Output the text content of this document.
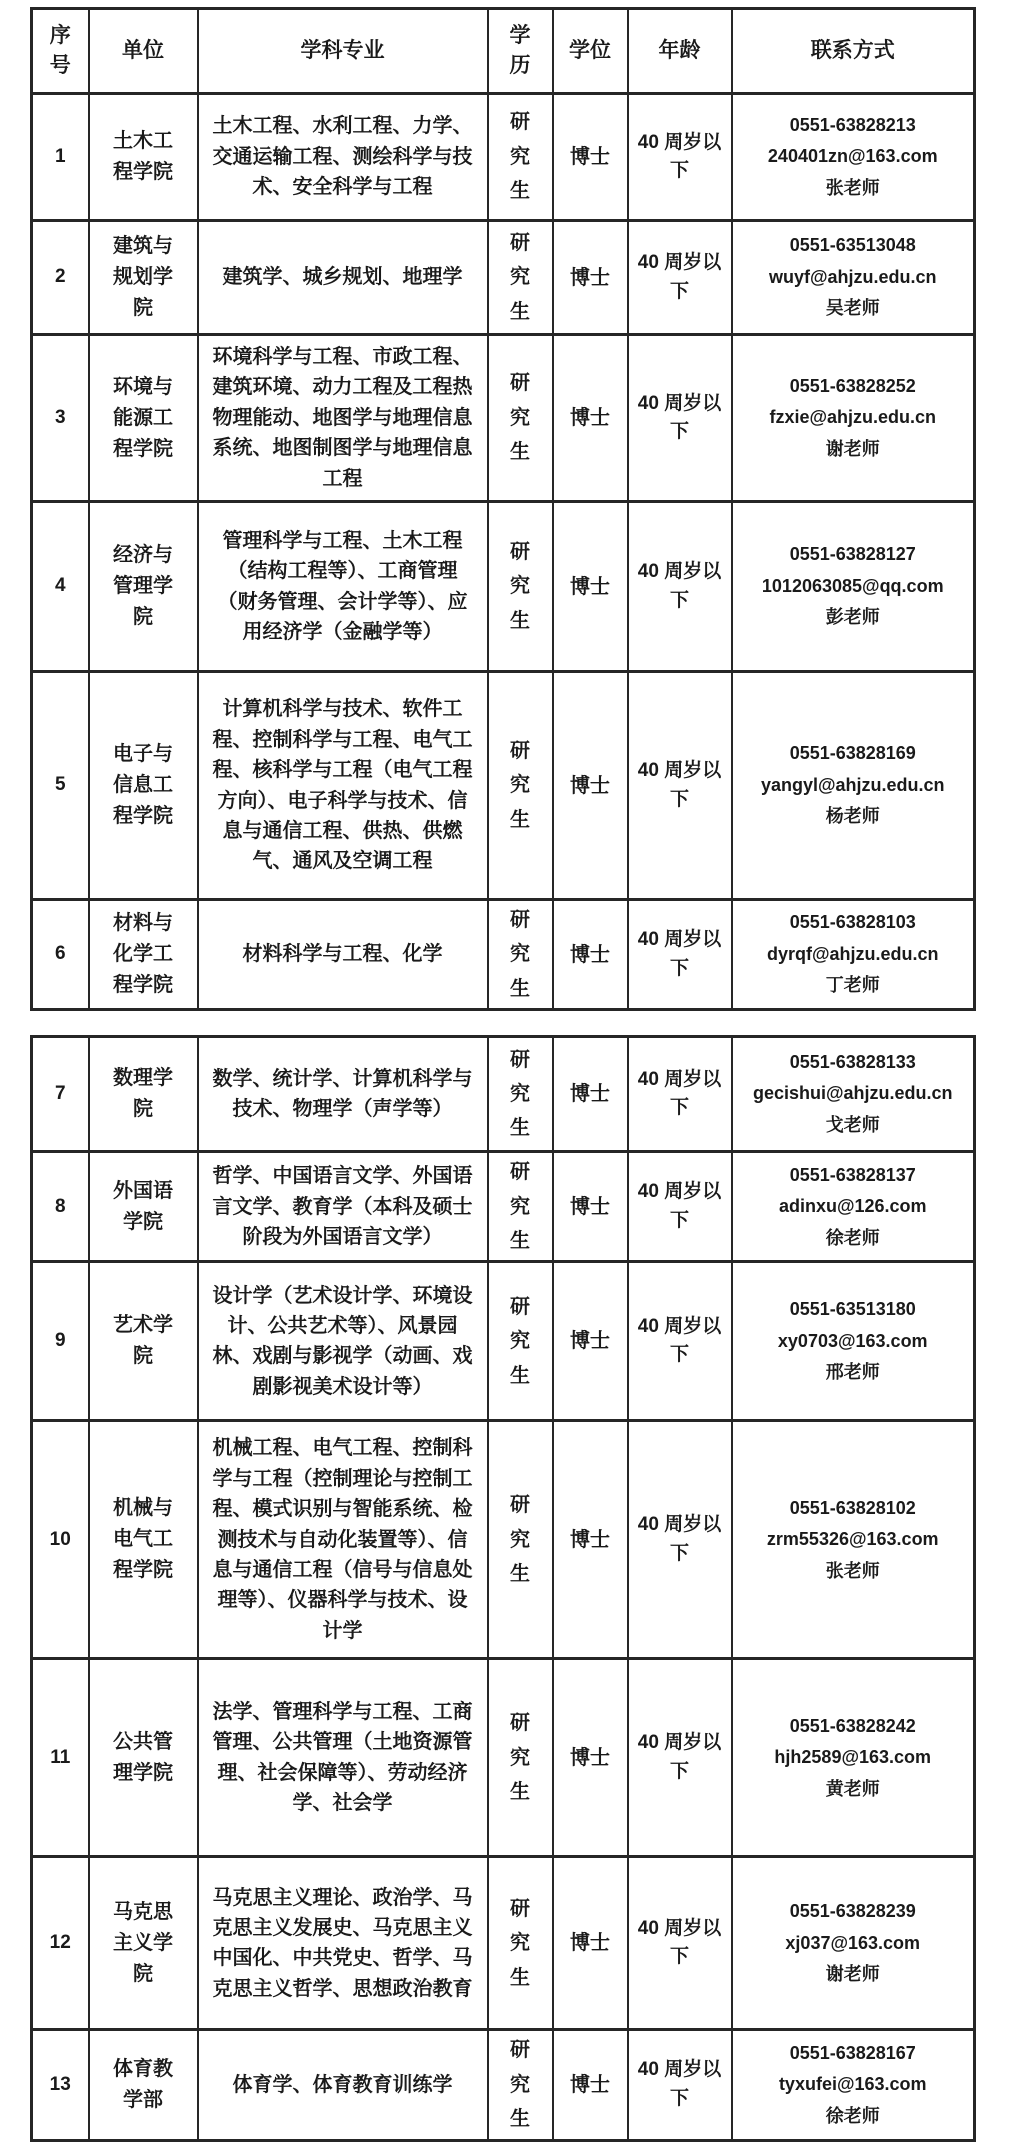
序号	单位	学科专业	学历	学位	年龄	联系方式
1	土木工程学院	土木工程、水利工程、力学、交通运输工程、测绘科学与技术、安全科学与工程	研究生	博士	40 周岁以下	0551-63828213
240401zn@163.com
张老师

2	建筑与规划学院	建筑学、城乡规划、地理学	研究生	博士	40 周岁以下	0551-63513048
wuyf@ahjzu.edu.cn
吴老师

3	环境与能源工程学院	环境科学与工程、市政工程、建筑环境、动力工程及工程热物理能动、地图学与地理信息系统、地图制图学与地理信息工程	研究生	博士	40 周岁以下	0551-63828252
fzxie@ahjzu.edu.cn
谢老师

4	经济与管理学院	管理科学与工程、土木工程（结构工程等）、工商管理（财务管理、会计学等）、应用经济学（金融学等）	研究生	博士	40 周岁以下	0551-63828127
1012063085@qq.com
彭老师

5	电子与信息工程学院	计算机科学与技术、软件工程、控制科学与工程、电气工程、核科学与工程（电气工程方向）、电子科学与技术、信息与通信工程、供热、供燃气、通风及空调工程	研究生	博士	40 周岁以下	0551-63828169
yangyl@ahjzu.edu.cn
杨老师

6	材料与化学工程学院	材料科学与工程、化学	研究生	博士	40 周岁以下	0551-63828103
dyrqf@ahjzu.edu.cn
丁老师
7	数理学院	数学、统计学、计算机科学与技术、物理学（声学等）	研究生	博士	40 周岁以下	0551-63828133
gecishui@ahjzu.edu.cn
戈老师

8	外国语学院	哲学、中国语言文学、外国语言文学、教育学（本科及硕士阶段为外国语言文学）	研究生	博士	40 周岁以下	0551-63828137
adinxu@126.com
徐老师

9	艺术学院	设计学（艺术设计学、环境设计、公共艺术等）、风景园林、戏剧与影视学（动画、戏剧影视美术设计等）	研究生	博士	40 周岁以下	0551-63513180
xy0703@163.com
邢老师

10	机械与电气工程学院	机械工程、电气工程、控制科学与工程（控制理论与控制工程、模式识别与智能系统、检测技术与自动化装置等）、信息与通信工程（信号与信息处理等）、仪器科学与技术、设计学	研究生	博士	40 周岁以下	0551-63828102
zrm55326@163.com
张老师

11	公共管理学院	法学、管理科学与工程、工商管理、公共管理（土地资源管理、社会保障等）、劳动经济学、社会学	研究生	博士	40 周岁以下	0551-63828242
hjh2589@163.com
黄老师

12	马克思主义学院	马克思主义理论、政治学、马克思主义发展史、马克思主义中国化、中共党史、哲学、马克思主义哲学、思想政治教育	研究生	博士	40 周岁以下	0551-63828239
xj037@163.com
谢老师

13	体育教学部	体育学、体育教育训练学	研究生	博士	40 周岁以下	0551-63828167
tyxufei@163.com
徐老师
